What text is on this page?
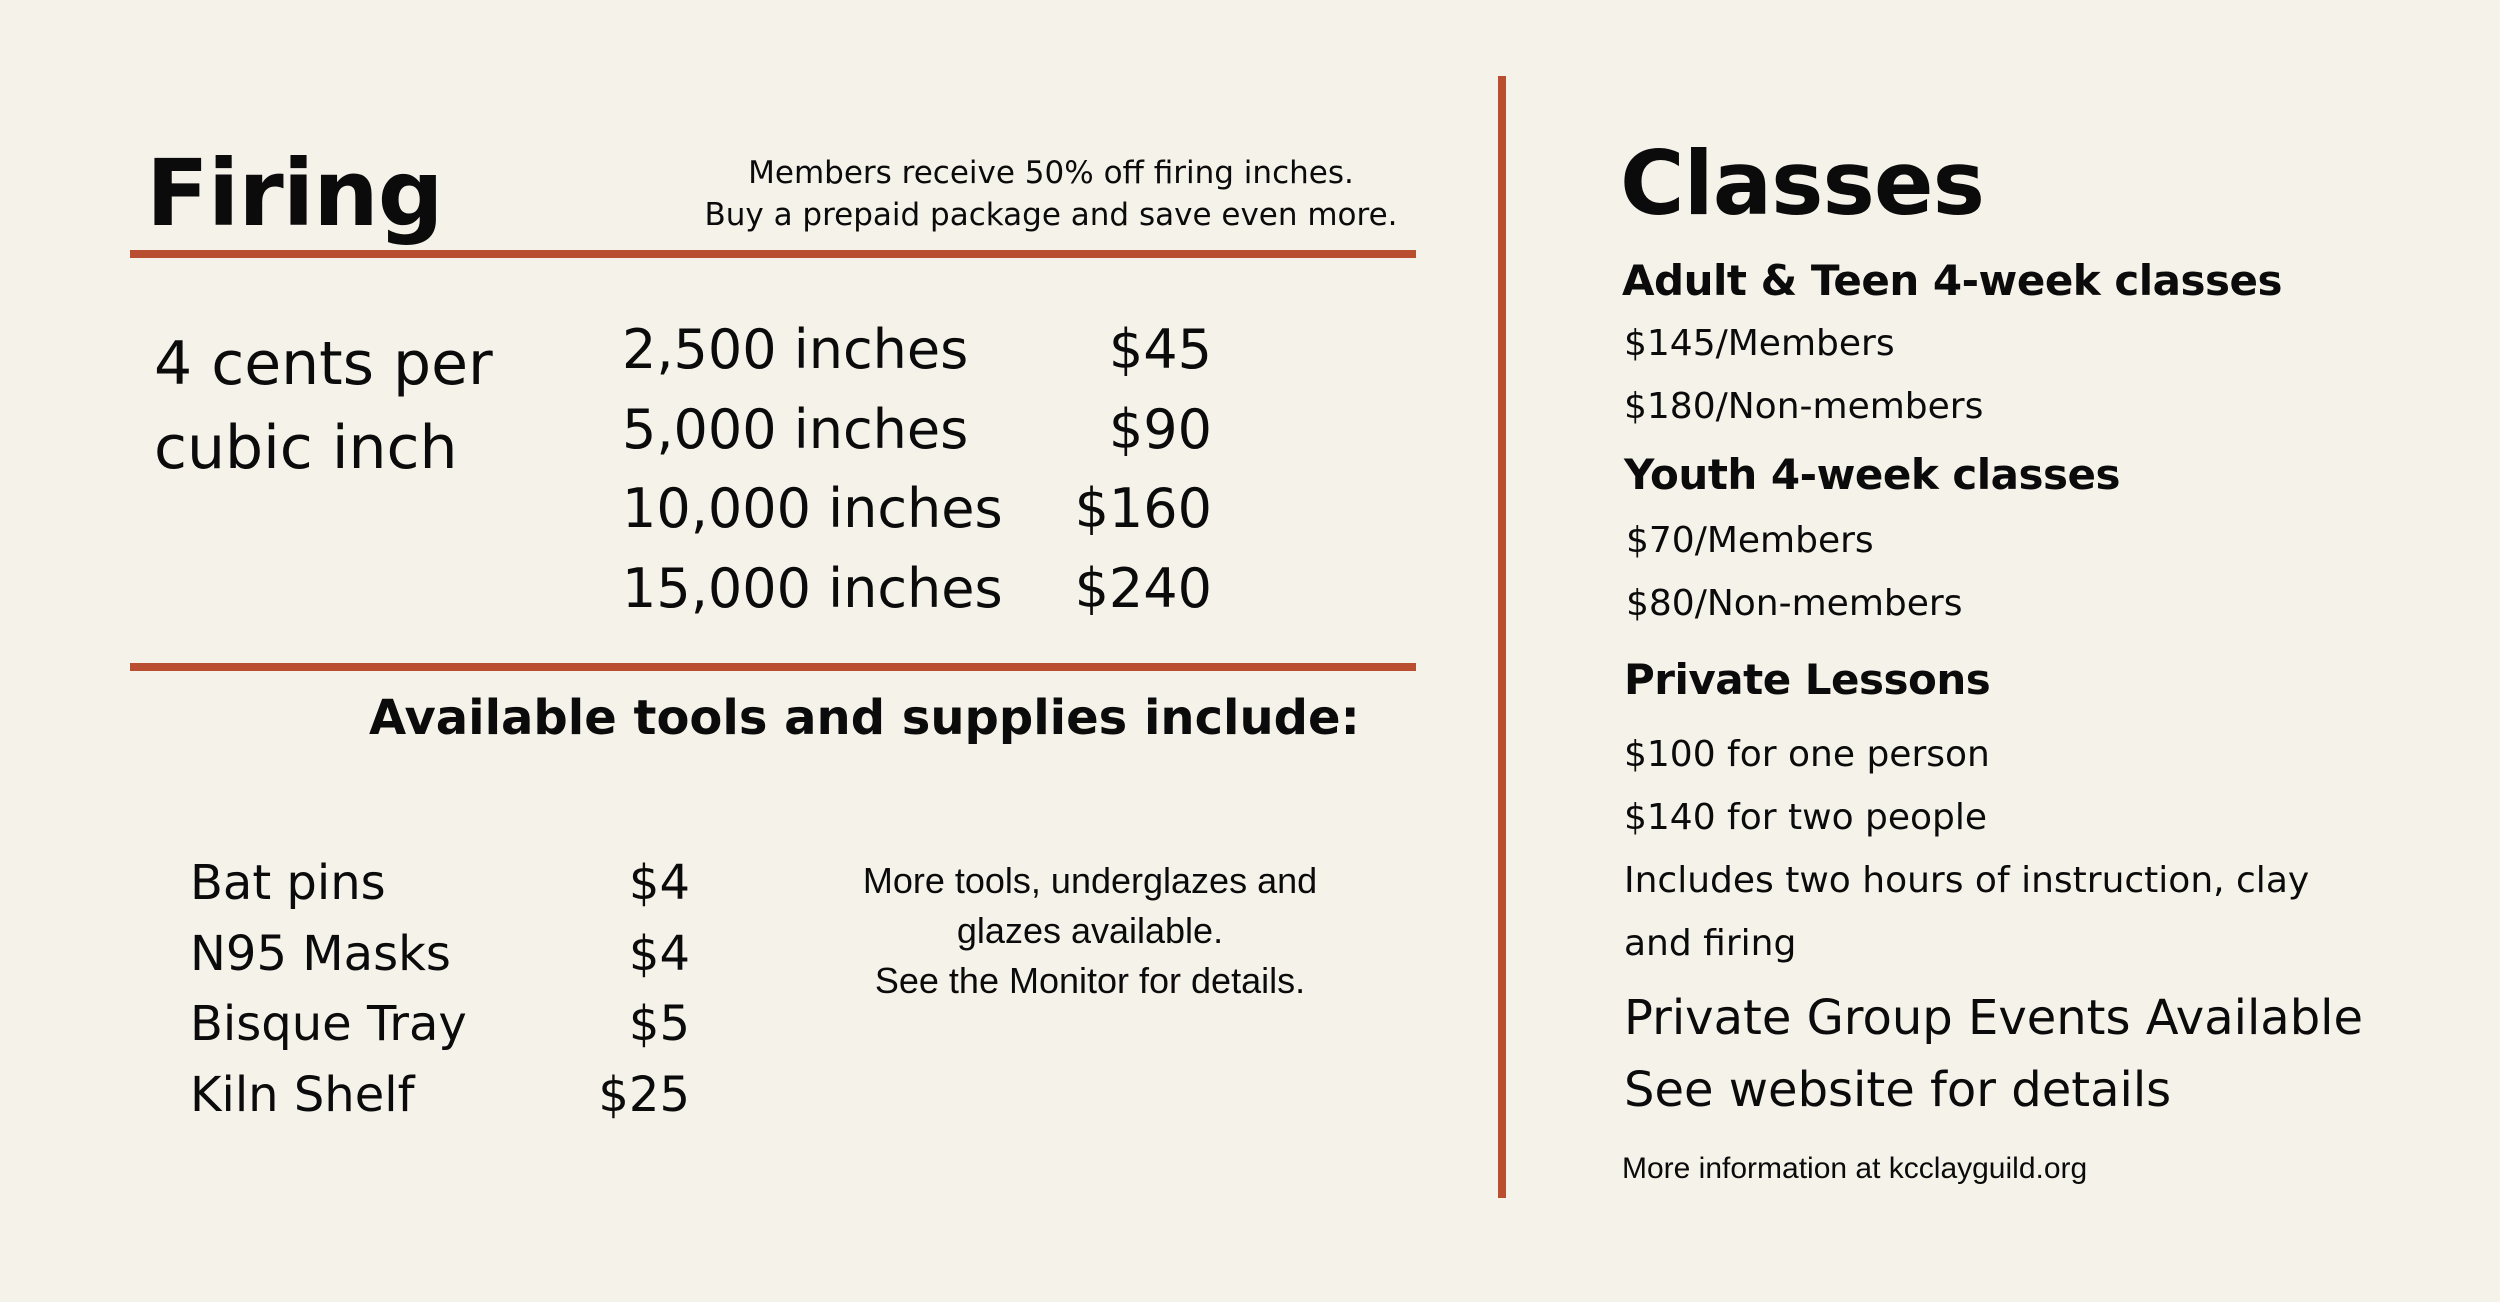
Firing	Members receive 50% off firing inches.
Buy a prepaid package and save even more.
4 cents per
cubic inch
2,500 inches
5,000 inches
10,000 inches
15,000 inches
$45
$90
$160
$240
Available tools and supplies include:
Bat pins
N95 Masks
Bisque Tray
Kiln Shelf
$4
$4
$5
$25
More tools, underglazes and
glazes available.
See the Monitor for details.
Classes
Adult & Teen 4-week classes
$145/Members
$180/Non-members
Youth 4-week classes
$70/Members
$80/Non-members
Private Lessons
$100 for one person
$140 for two people
Includes two hours of instruction, clay
and firing
Private Group Events Available
See website for details
More information at kcclayguild.org
